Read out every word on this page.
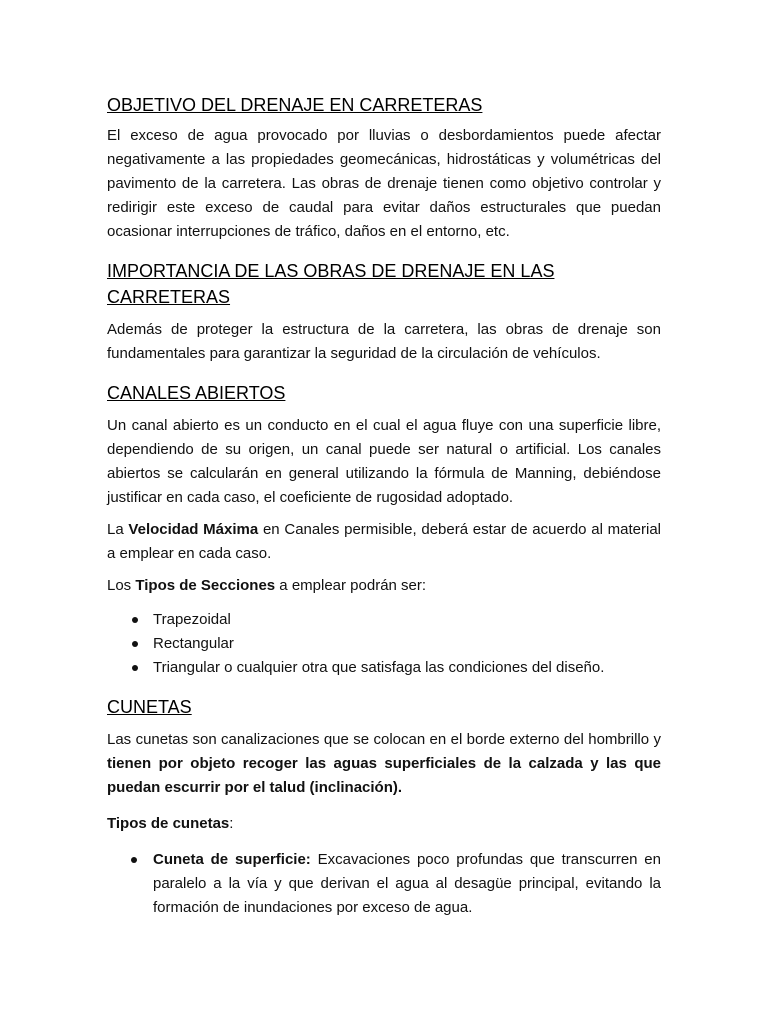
OBJETIVO DEL DRENAJE EN CARRETERAS

El exceso de agua provocado por lluvias o desbordamientos puede afectar negativamente a las propiedades geomecánicas, hidrostáticas y volumétricas del pavimento de la carretera. Las obras de drenaje tienen como objetivo controlar y redirigir este exceso de caudal para evitar daños estructurales que puedan ocasionar interrupciones de tráfico, daños en el entorno, etc.

IMPORTANCIA DE LAS OBRAS DE DRENAJE EN LAS CARRETERAS

Además de proteger la estructura de la carretera, las obras de drenaje son fundamentales para garantizar la seguridad de la circulación de vehículos.

CANALES ABIERTOS

Un canal abierto es un conducto en el cual el agua fluye con una superficie libre, dependiendo de su origen, un canal puede ser natural o artificial. Los canales abiertos se calcularán en general utilizando la fórmula de Manning, debiéndose justificar en cada caso, el coeficiente de rugosidad adoptado.

La Velocidad Máxima en Canales permisible, deberá estar de acuerdo al material a emplear en cada caso.

Los Tipos de Secciones a emplear podrán ser:

Trapezoidal
Rectangular
Triangular o cualquier otra que satisfaga las condiciones del diseño.
CUNETAS

Las cunetas son canalizaciones que se colocan en el borde externo del hombrillo y tienen por objeto recoger las aguas superficiales de la calzada y las que puedan escurrir por el talud (inclinación).

Tipos de cunetas:

Cuneta de superficie: Excavaciones poco profundas que transcurren en paralelo a la vía y que derivan el agua al desagüe principal, evitando la formación de inundaciones por exceso de agua.
